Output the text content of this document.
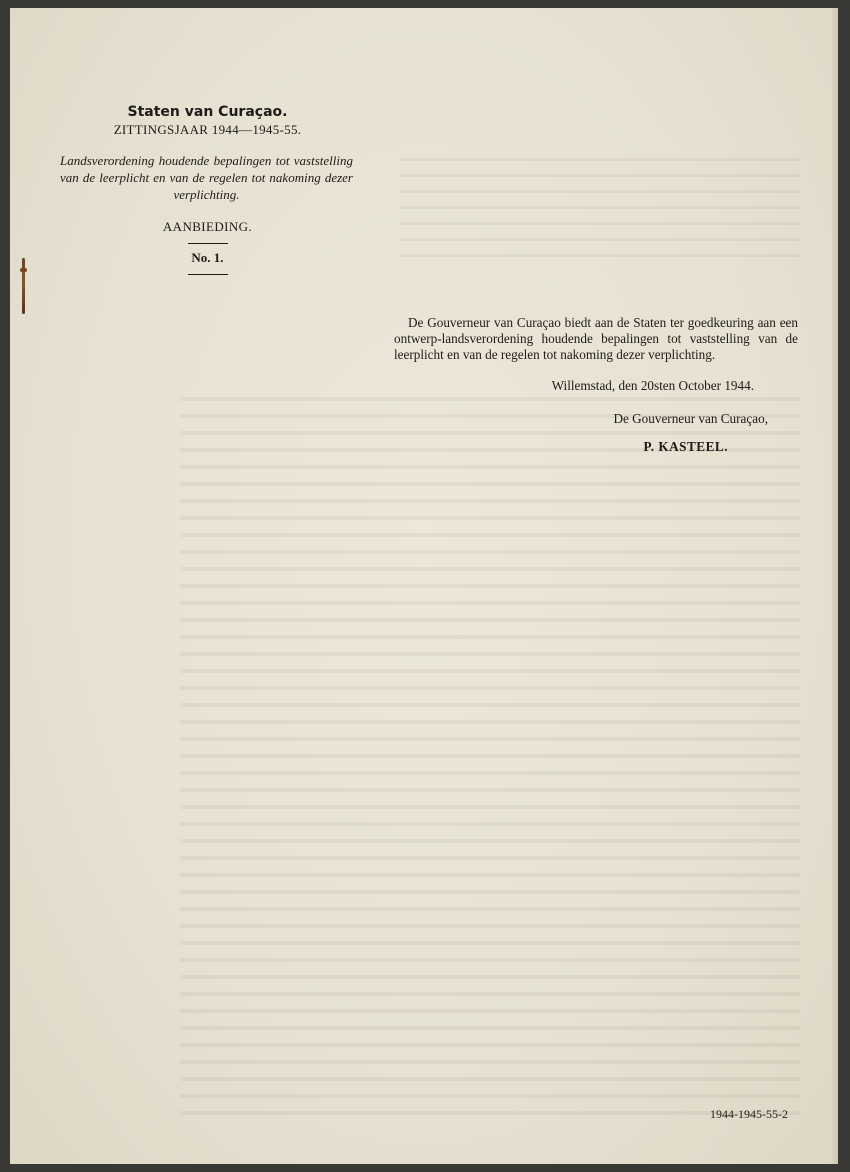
Staten van Curaçao.
ZITTINGSJAAR 1944—1945-55.

Landsverordening houdende bepalingen tot vaststelling van de leerplicht en van de regelen tot nakoming dezer verplichting.

AANBIEDING.
No. 1.

De Gouverneur van Curaçao biedt aan de Staten ter goedkeuring aan een ontwerp-landsverordening houdende bepalingen tot vaststelling van de leerplicht en van de regelen tot nakoming dezer verplichting.

Willemstad, den 20sten October 1944.

De Gouverneur van Curaçao,

P. KASTEEL.

1944-1945-55-2
